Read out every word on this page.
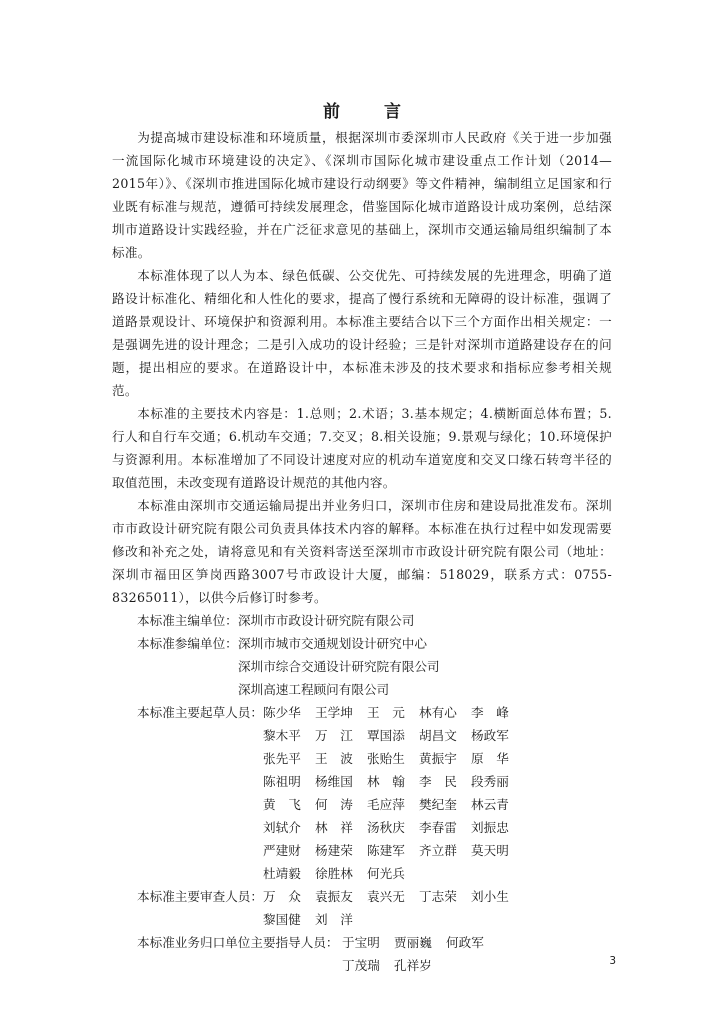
前	言

为提高城市建设标准和环境质量，根据深圳市委深圳市人民政府《关于进一步加强一流国际化城市环境建设的决定》、《深圳市国际化城市建设重点工作计划（2014—2015年）》、《深圳市推进国际化城市建设行动纲要》等文件精神，编制组立足国家和行业既有标准与规范，遵循可持续发展理念，借鉴国际化城市道路设计成功案例，总结深圳市道路设计实践经验，并在广泛征求意见的基础上，深圳市交通运输局组织编制了本标准。

本标准体现了以人为本、绿色低碳、公交优先、可持续发展的先进理念，明确了道路设计标准化、精细化和人性化的要求，提高了慢行系统和无障碍的设计标准，强调了道路景观设计、环境保护和资源利用。本标准主要结合以下三个方面作出相关规定：一是强调先进的设计理念；二是引入成功的设计经验；三是针对深圳市道路建设存在的问题，提出相应的要求。在道路设计中，本标准未涉及的技术要求和指标应参考相关规范。

本标准的主要技术内容是：1.总则；2.术语；3.基本规定；4.横断面总体布置；5.行人和自行车交通；6.机动车交通；7.交叉；8.相关设施；9.景观与绿化；10.环境保护与资源利用。本标准增加了不同设计速度对应的机动车道宽度和交叉口缘石转弯半径的取值范围，未改变现有道路设计规范的其他内容。

本标准由深圳市交通运输局提出并业务归口，深圳市住房和建设局批准发布。深圳市市政设计研究院有限公司负责具体技术内容的解释。本标准在执行过程中如发现需要修改和补充之处，请将意见和有关资料寄送至深圳市市政设计研究院有限公司（地址：深圳市福田区笋岗西路3007号市政设计大厦，邮编：518029，联系方式：0755-83265011），以供今后修订时参考。

本标准主编单位： 深圳市市政设计研究院有限公司
本标准参编单位： 深圳市城市交通规划设计研究中心
深圳市综合交通设计研究院有限公司
深圳高速工程顾问有限公司
本标准主要起草人员： 陈少华 王学坤 王　元 林有心 李　峰
黎木平 万　江 覃国添 胡昌文 杨政军
张先平 王　波 张贻生 黄振宇 原　华
陈祖明 杨维国 林　翰 李　民 段秀丽
黄　飞 何　涛 毛应萍 樊纪奎 林云青
刘轼介 林　祥 汤秋庆 李春雷 刘振忠
严建财 杨建荣 陈建军 齐立群 莫天明
杜靖毅 徐胜林 何光兵
本标准主要审查人员： 万　众 袁振友 袁兴无 丁志荣 刘小生
黎国健 刘　洋
本标准业务归口单位主要指导人员： 于宝明 贾丽巍 何政军
丁茂瑞 孔祥岁	3
